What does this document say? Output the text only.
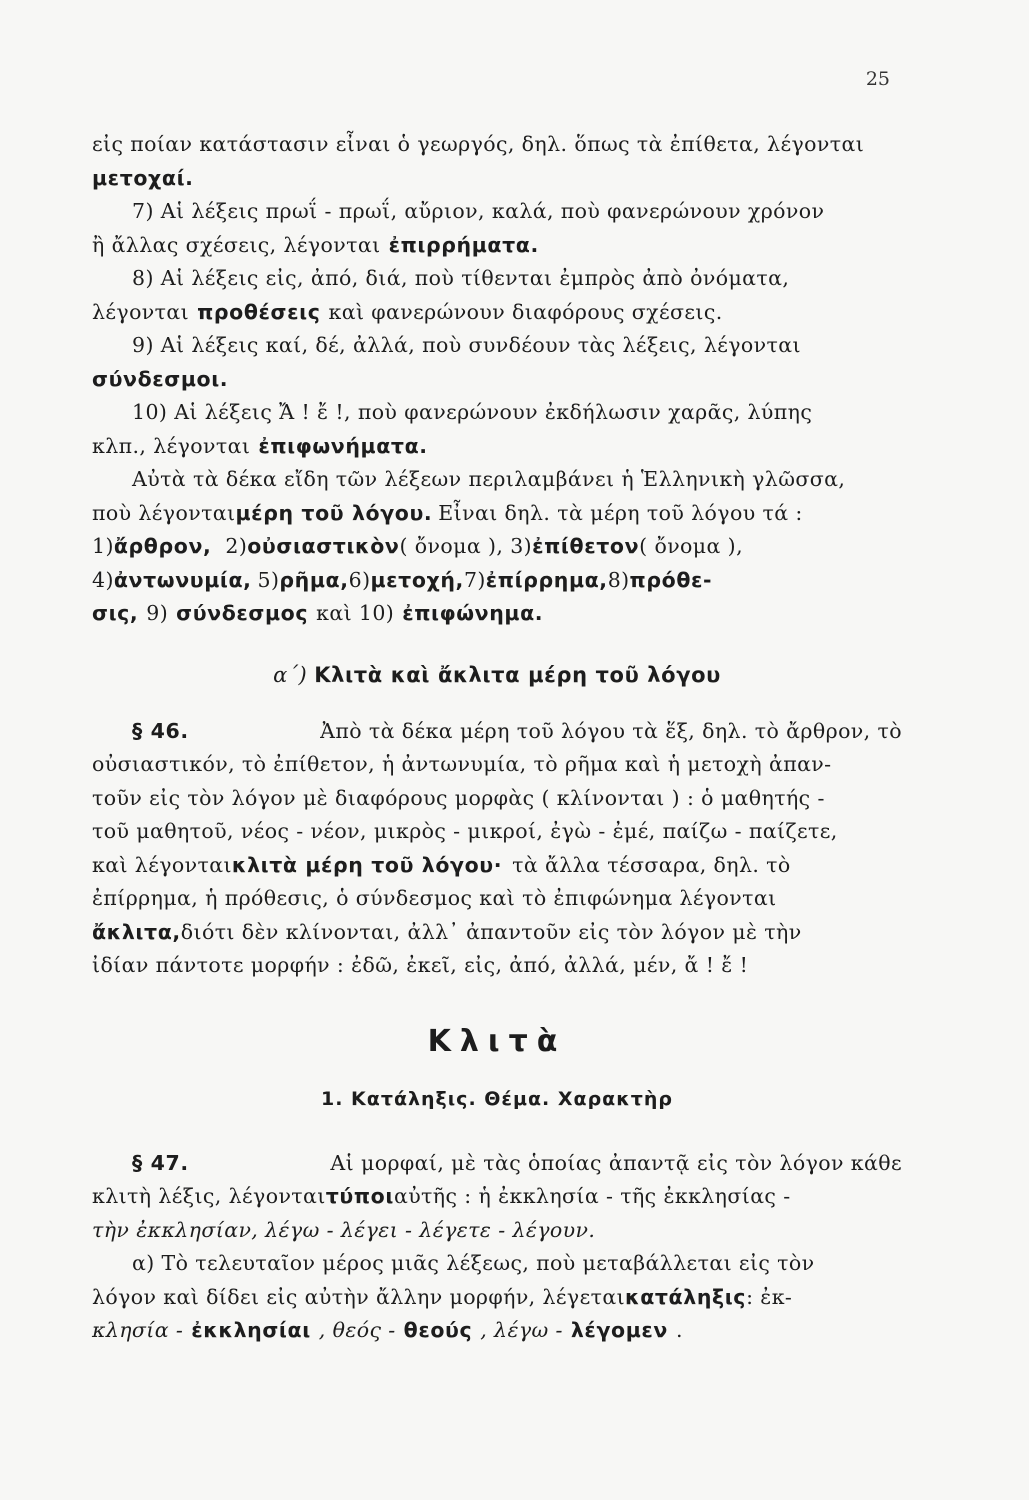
25
εἰς ποίαν κατάστασιν εἶναι ὁ γεωργός, δηλ. ὅπως τὰ ἐπίθετα, λέγονται
μετοχαί.
7) Αἱ λέξεις πρωΐ - πρωΐ, αὔριον, καλά, ποὺ φανερώνουν χρόνον
ἢ ἄλλας σχέσεις, λέγονται ἐπιρρήματα.
8) Αἱ λέξεις εἰς, ἀπό, διά, ποὺ τίθενται ἐμπρὸς ἀπὸ ὀνόματα,
λέγονται προθέσεις καὶ φανερώνουν διαφόρους σχέσεις.
9) Αἱ λέξεις καί, δέ, ἀλλά, ποὺ συνδέουν τὰς λέξεις, λέγονται
σύνδεσμοι.
10) Αἱ λέξεις Ἄ ! ἔ !, ποὺ φανερώνουν ἐκδήλωσιν χαρᾶς, λύπης
κλπ., λέγονται ἐπιφωνήματα.
Αὐτὰ τὰ δέκα εἴδη τῶν λέξεων περιλαμβάνει ἡ Ἑλληνικὴ γλῶσσα,
ποὺ λέγονται μέρη τοῦ λόγου. Εἶναι δηλ. τὰ μέρη τοῦ λόγου τά :
1) ἄρθρον, 2) οὐσιαστικὸν ( ὄνομα ), 3) ἐπίθετον ( ὄνομα ),
4) ἀντωνυμία, 5) ρῆμα, 6) μετοχή, 7) ἐπίρρημα, 8) πρόθε-
σις, 9) σύνδεσμος καὶ 10) ἐπιφώνημα.
α´) Κλιτὰ καὶ ἄκλιτα μέρη τοῦ λόγου
§ 46.	Ἀπὸ τὰ δέκα μέρη τοῦ λόγου τὰ ἕξ, δηλ. τὸ ἄρθρον, τὸ
οὐσιαστικόν, τὸ ἐπίθετον, ἡ ἀντωνυμία, τὸ ρῆμα καὶ ἡ μετοχὴ ἀπαν-
τοῦν εἰς τὸν λόγον μὲ διαφόρους μορφὰς ( κλίνονται ) : ὁ μαθητής -
τοῦ μαθητοῦ, νέος - νέον, μικρὸς - μικροί, ἐγὼ - ἐμέ, παίζω - παίζετε,
καὶ λέγονται κλιτὰ μέρη τοῦ λόγου· τὰ ἄλλα τέσσαρα, δηλ. τὸ
ἐπίρρημα, ἡ πρόθεσις, ὁ σύνδεσμος καὶ τὸ ἐπιφώνημα λέγονται
ἄκλιτα, διότι δὲν κλίνονται, ἀλλ᾽ ἀπαντοῦν εἰς τὸν λόγον μὲ τὴν
ἰδίαν πάντοτε μορφήν : ἐδῶ, ἐκεῖ, εἰς, ἀπό, ἀλλά, μέν, ἄ ! ἔ !
Κλιτὰ
1. Κατάληξις. Θέμα. Χαρακτὴρ
§ 47.	Αἱ μορφαί, μὲ τὰς ὁποίας ἀπαντᾷ εἰς τὸν λόγον κάθε
κλιτὴ λέξις, λέγονται τύποι αὐτῆς : ἡ ἐκκλησία - τῆς ἐκκλησίας -
τὴν ἐκκλησίαν, λέγω - λέγει - λέγετε - λέγουν.
α) Τὸ τελευταῖον μέρος μιᾶς λέξεως, ποὺ μεταβάλλεται εἰς τὸν
λόγον καὶ δίδει εἰς αὐτὴν ἄλλην μορφήν, λέγεται κατάληξις : ἐκ-
κλησία - ἐκκλησίαι , θεός - θεούς , λέγω - λέγομεν .
